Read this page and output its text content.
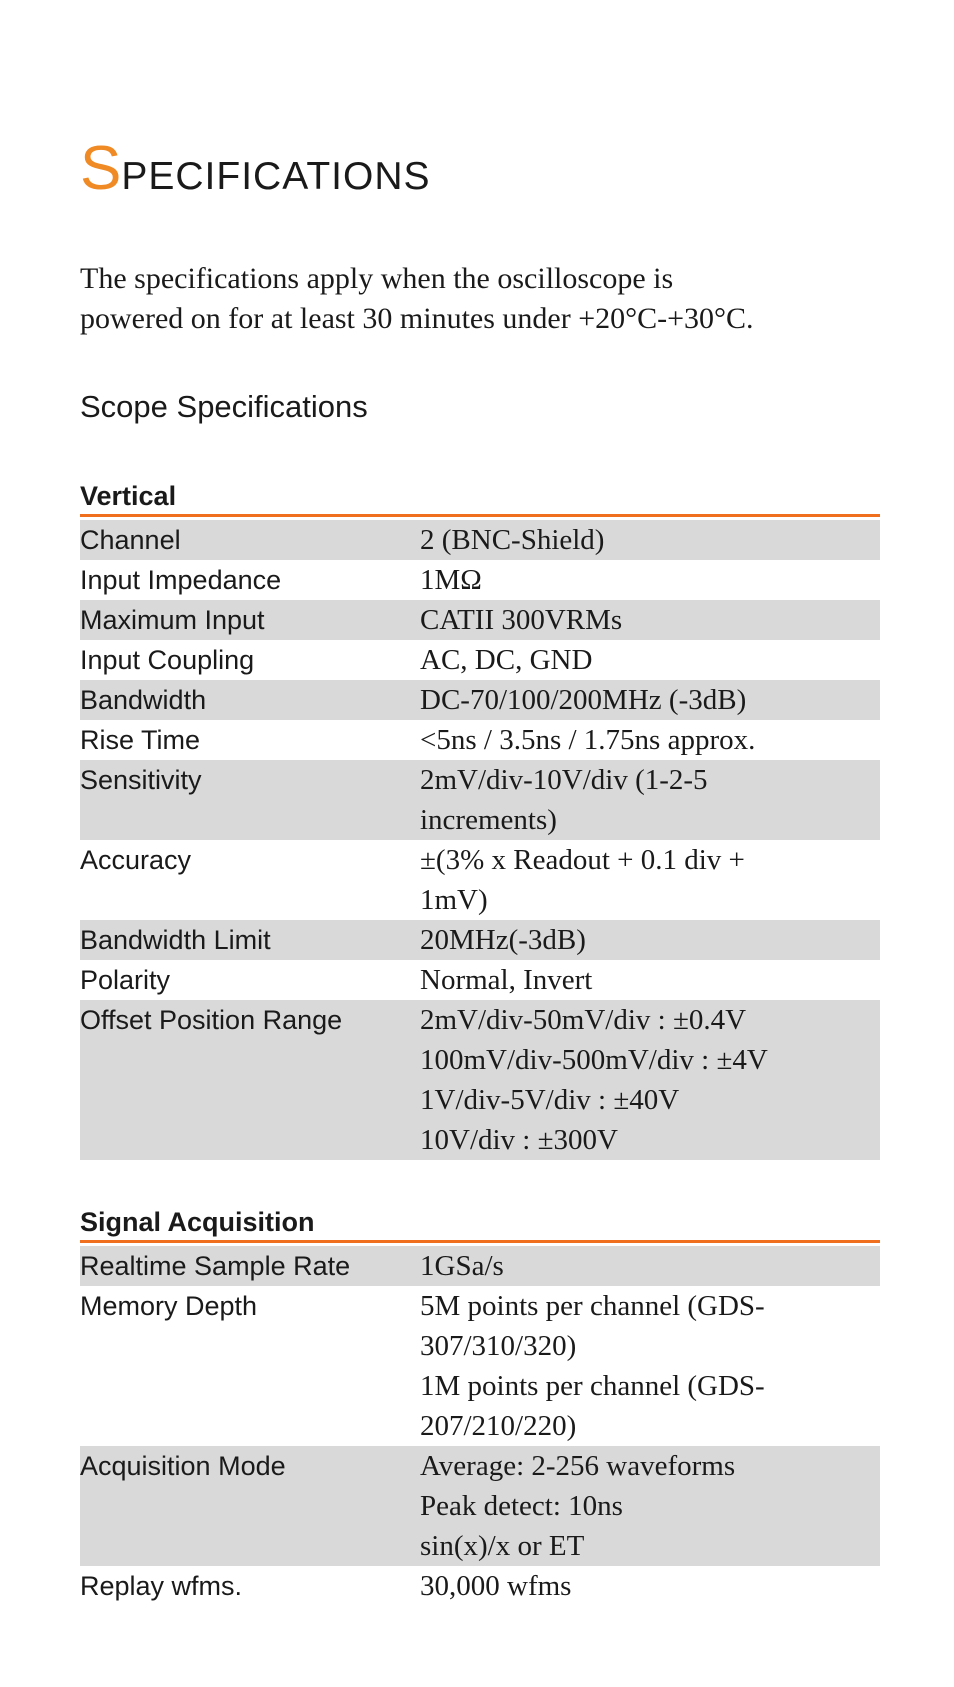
SPECIFICATIONS

The specifications apply when the oscilloscope is

powered on for at least 30 minutes under +20°C-+30°C.

Scope Specifications
Vertical
Channel	2 (BNC-Shield)
Input Impedance	1MΩ
Maximum Input	CATII 300VRMs
Input Coupling	AC, DC, GND
Bandwidth	DC-70/100/200MHz (-3dB)
Rise Time	<5ns / 3.5ns / 1.75ns approx.
Sensitivity	2mV/div-10V/div (1-2-5
increments)
Accuracy	±(3% x Readout + 0.1 div +
1mV)
Bandwidth Limit	20MHz(-3dB)
Polarity	Normal, Invert
Offset Position Range	2mV/div-50mV/div : ±0.4V
100mV/div-500mV/div : ±4V
1V/div-5V/div : ±40V
10V/div : ±300V
Signal Acquisition
Realtime Sample Rate	1GSa/s
Memory Depth	5M points per channel (GDS-
307/310/320)
1M points per channel (GDS-
207/210/220)
Acquisition Mode	Average: 2-256 waveforms
Peak detect: 10ns
sin(x)/x or ET
Replay wfms.	30,000 wfms
